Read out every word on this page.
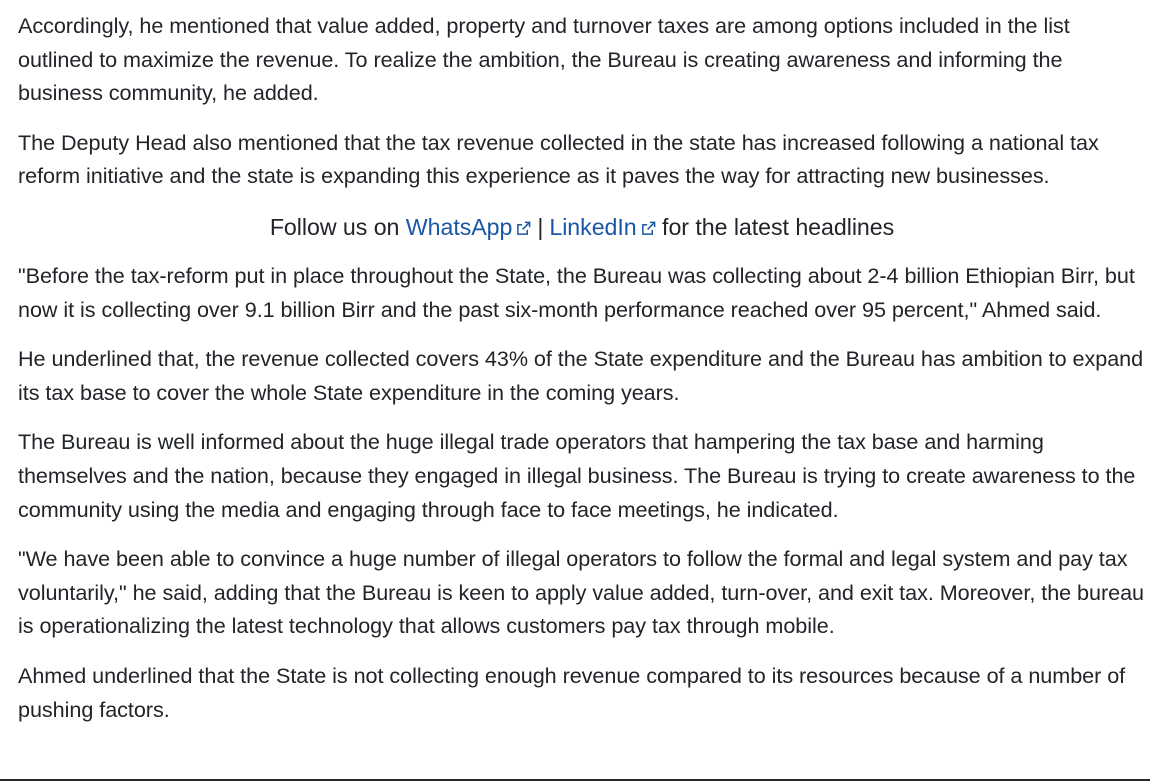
Accordingly, he mentioned that value added, property and turnover taxes are among options included in the list outlined to maximize the revenue. To realize the ambition, the Bureau is creating awareness and informing the business community, he added.

The Deputy Head also mentioned that the tax revenue collected in the state has increased following a national tax reform initiative and the state is expanding this experience as it paves the way for attracting new businesses.

Follow us on WhatsApp | LinkedIn for the latest headlines

"Before the tax-reform put in place throughout the State, the Bureau was collecting about 2-4 billion Ethiopian Birr, but now it is collecting over 9.1 billion Birr and the past six-month performance reached over 95 percent," Ahmed said.

He underlined that, the revenue collected covers 43% of the State expenditure and the Bureau has ambition to expand its tax base to cover the whole State expenditure in the coming years.

The Bureau is well informed about the huge illegal trade operators that hampering the tax base and harming themselves and the nation, because they engaged in illegal business. The Bureau is trying to create awareness to the community using the media and engaging through face to face meetings, he indicated.

"We have been able to convince a huge number of illegal operators to follow the formal and legal system and pay tax voluntarily," he said, adding that the Bureau is keen to apply value added, turn-over, and exit tax. Moreover, the bureau is operationalizing the latest technology that allows customers pay tax through mobile.

Ahmed underlined that the State is not collecting enough revenue compared to its resources because of a number of pushing factors.
